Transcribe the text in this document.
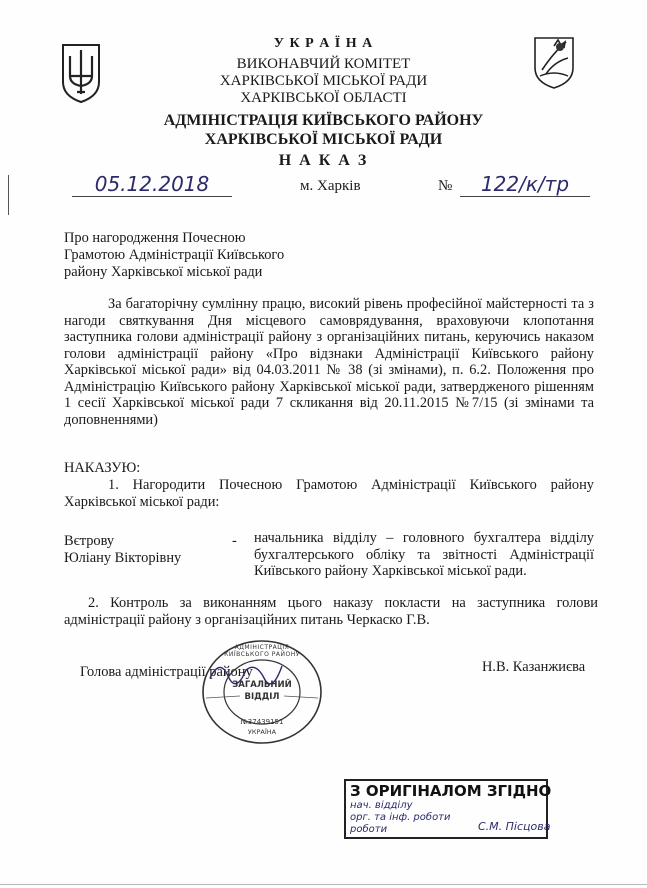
У К Р А Ї Н А
ВИКОНАВЧИЙ КОМІТЕТ
ХАРКІВСЬКОЇ МІСЬКОЇ РАДИ
ХАРКІВСЬКОЇ ОБЛАСТІ
АДМІНІСТРАЦІЯ КИЇВСЬКОГО РАЙОНУ
ХАРКІВСЬКОЇ МІСЬКОЇ РАДИ
Н А К А З
05.12.2018	м. Харків	№	122/к/тр
Про нагородження Почесною
Грамотою Адміністрації Київського
району Харківської міської ради
За багаторічну сумлінну працю, високий рівень професійної майстерності та з нагоди святкування Дня місцевого самоврядування, враховуючи клопотання заступника голови адміністрації району з організаційних питань, керуючись наказом голови адміністрації району «Про відзнаки Адміністрації Київського району Харківської міської ради» від 04.03.2011 № 38 (зі змінами), п. 6.2. Положення про Адміністрацію Київського району Харківської міської ради, затвердженого рішенням 1 сесії Харківської міської ради 7 скликання від 20.11.2015 №7/15 (зі змінами та доповненнями)
НАКАЗУЮ:
1. Нагородити Почесною Грамотою Адміністрації Київського району Харківської міської ради:
Вєтрову
Юліану Вікторівну
- начальника відділу – головного бухгалтера відділу бухгалтерського обліку та звітності Адміністрації Київського району Харківської міської ради.
2. Контроль за виконанням цього наказу покласти на заступника голови адміністрації району з організаційних питань Черкаско Г.В.
Голова адміністрації району	Н.В. Казанжиєва
АДМІНІСТРАЦІЯ КИЇВСЬКОГО РАЙОНУ
ЗАГАЛЬНИЙ
ВІДДІЛ
№37439151
УКРАЇНА
З ОРИГІНАЛОМ ЗГІДНО
нач. відділу
орг. та інф. роботи
роботи	С.М. Пісцова
